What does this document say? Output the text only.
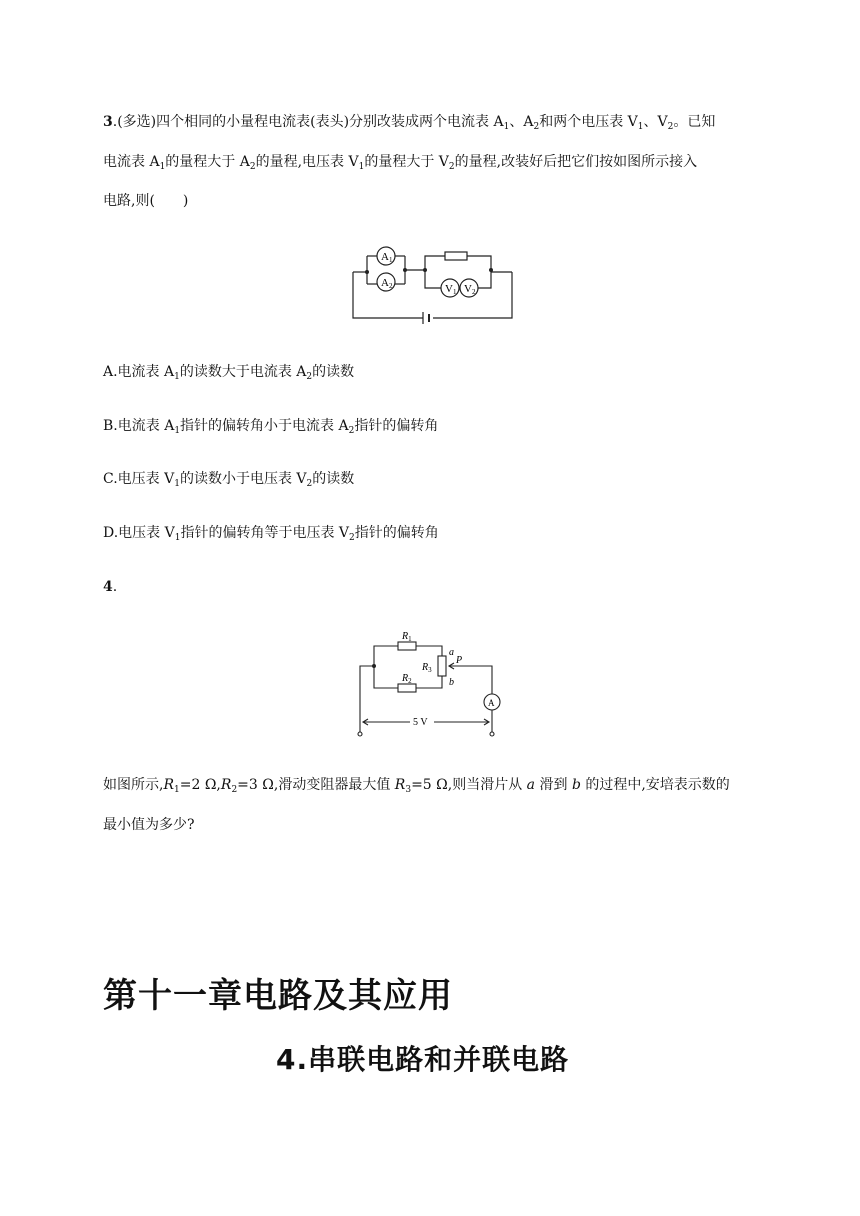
3.(多选)四个相同的小量程电流表(表头)分别改装成两个电流表 $A_1$、$A_2$和两个电压表 $V_1$、$V_2$。已知
电流表 $A_1$的量程大于 $A_2$的量程,电压表 $V_1$的量程大于 $V_2$的量程,改装好后把它们按如图所示接入
电路,则(　　)
A1
A2	V1 V2
A.电流表 $A_1$的读数大于电流表 $A_2$的读数
B.电流表 $A_1$指针的偏转角小于电流表 $A_2$指针的偏转角
C.电压表 $V_1$的读数小于电压表 $V_2$的读数
D.电压表 $V_1$指针的偏转角等于电压表 $V_2$指针的偏转角
4.
$R_1$
$R_2$
$R_3$
a
b
P
A
5 V
如图所示$,R_1=2$ $\Omega,R_2=3$ Ω,滑动变阻器最大值 $R_3=5$ Ω,则当滑片从 a 滑到 b 的过程中,安培表示数的
最小值为多少?
第十一章电路及其应用
4.串联电路和并联电路
